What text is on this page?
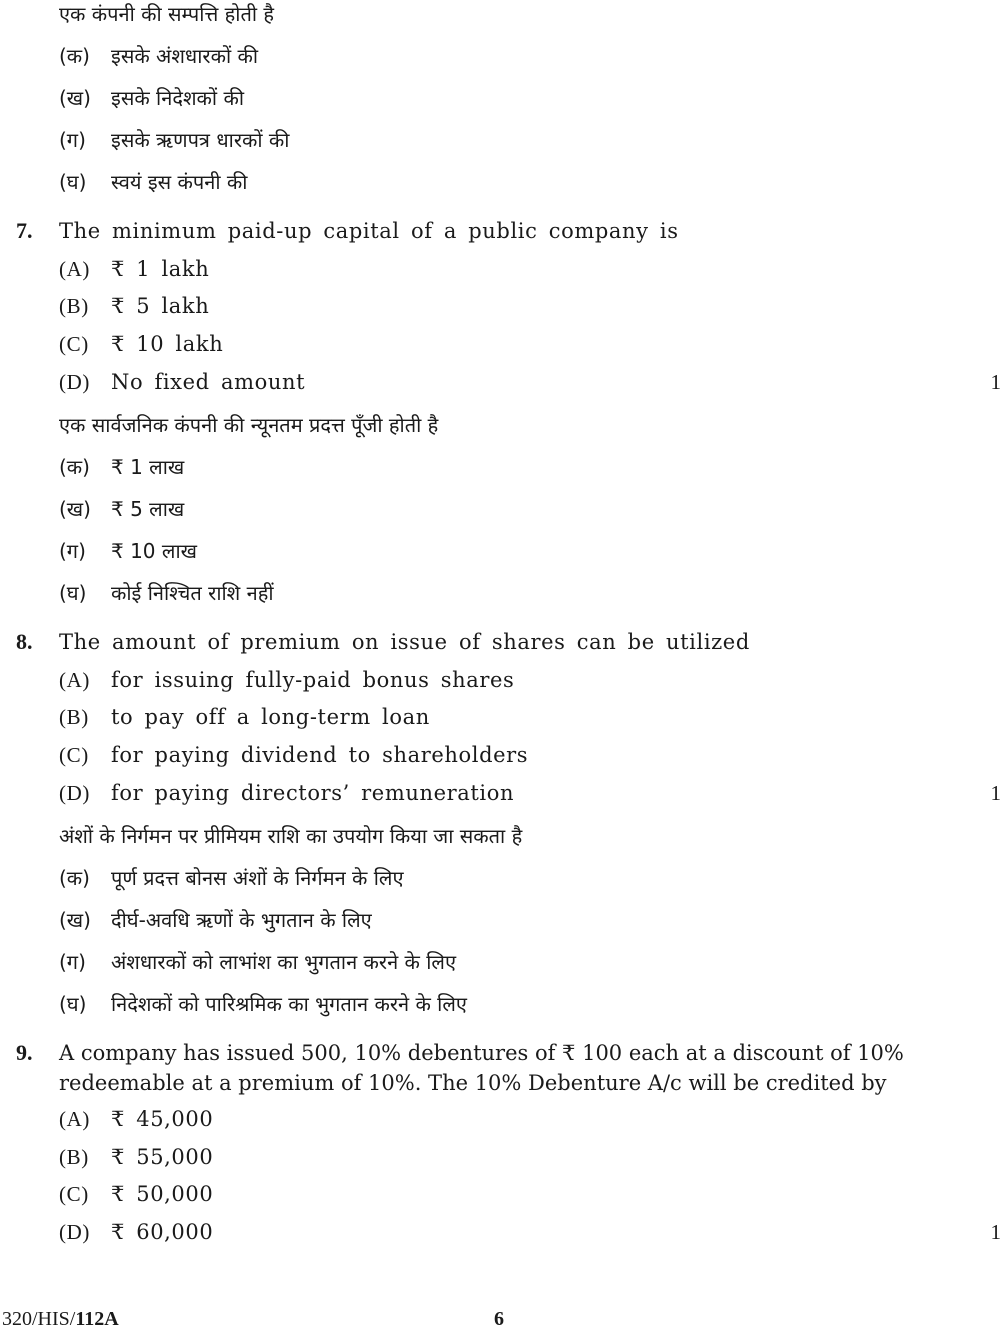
एक कंपनी की सम्पत्ति होती है
(क) इसके अंशधारकों की
(ख) इसके निदेशकों की
(ग) इसके ऋणपत्र धारकों की
(घ) स्वयं इस कंपनी की
7. The minimum paid-up capital of a public company is
(A) ₹ 1 lakh
(B) ₹ 5 lakh
(C) ₹ 10 lakh
(D) No fixed amount	1
एक सार्वजनिक कंपनी की न्यूनतम प्रदत्त पूँजी होती है
(क) ₹ 1 लाख
(ख) ₹ 5 लाख
(ग) ₹ 10 लाख
(घ) कोई निश्चित राशि नहीं
8. The amount of premium on issue of shares can be utilized
(A) for issuing fully-paid bonus shares
(B) to pay off a long-term loan
(C) for paying dividend to shareholders
(D) for paying directors’ remuneration	1
अंशों के निर्गमन पर प्रीमियम राशि का उपयोग किया जा सकता है
(क) पूर्ण प्रदत्त बोनस अंशों के निर्गमन के लिए
(ख) दीर्घ-अवधि ऋणों के भुगतान के लिए
(ग) अंशधारकों को लाभांश का भुगतान करने के लिए
(घ) निदेशकों को पारिश्रमिक का भुगतान करने के लिए
9. A company has issued 500, 10% debentures of ₹ 100 each at a discount of 10%
redeemable at a premium of 10%. The 10% Debenture A/c will be credited by
(A) ₹ 45,000
(B) ₹ 55,000
(C) ₹ 50,000
(D) ₹ 60,000	1
320/HIS/112A	6
